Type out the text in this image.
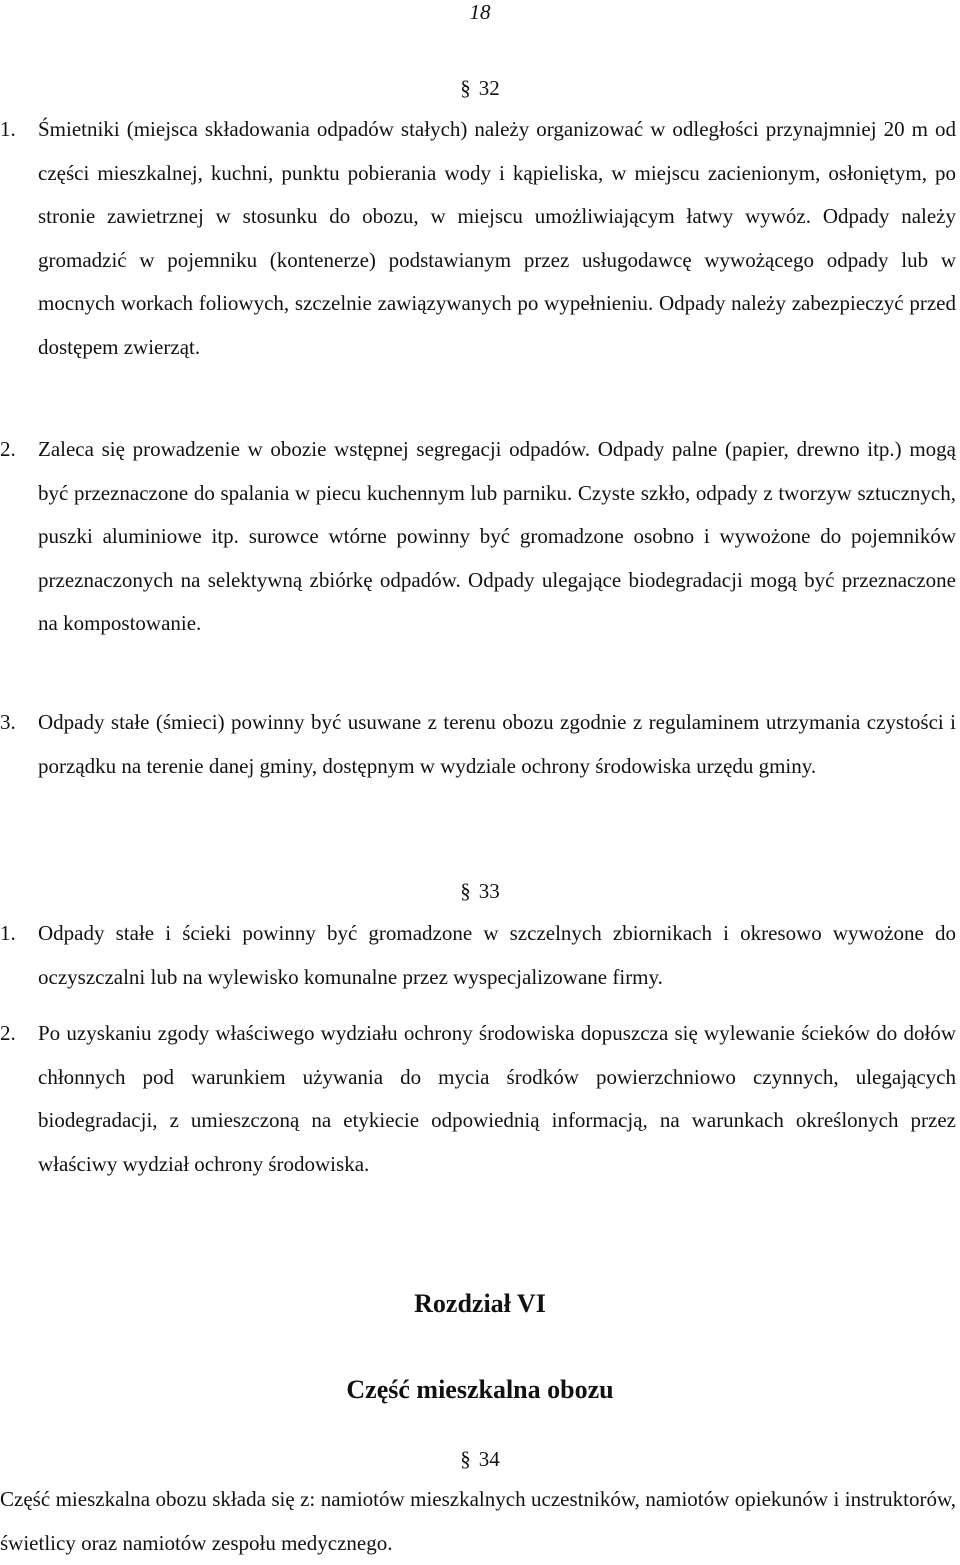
18
§ 32
1.	Śmietniki (miejsca składowania odpadów stałych) należy organizować w odległości przynajmniej 20 m od części mieszkalnej, kuchni, punktu pobierania wody i kąpieliska, w miejscu zacienionym, osłoniętym, po stronie zawietrznej w stosunku do obozu, w miejscu umożliwiającym łatwy wywóz. Odpady należy gromadzić w pojemniku (kontenerze) podstawianym przez usługodawcę wywożącego odpady lub w mocnych workach foliowych, szczelnie zawiązywanych po wypełnieniu. Odpady należy zabezpieczyć przed dostępem zwierząt.
2.	Zaleca się prowadzenie w obozie wstępnej segregacji odpadów. Odpady palne (papier, drewno itp.) mogą być przeznaczone do spalania w piecu kuchennym lub parniku. Czyste szkło, odpady z tworzyw sztucznych, puszki aluminiowe itp. surowce wtórne powinny być gromadzone osobno i wywożone do pojemników przeznaczonych na selektywną zbiórkę odpadów. Odpady ulegające biodegradacji mogą być przeznaczone na kompostowanie.
3.	Odpady stałe (śmieci) powinny być usuwane z terenu obozu zgodnie z regulaminem utrzymania czystości i porządku na terenie danej gminy, dostępnym w wydziale ochrony środowiska urzędu gminy.
§ 33
1.	Odpady stałe i ścieki powinny być gromadzone w szczelnych zbiornikach i okresowo wywożone do oczyszczalni lub na wylewisko komunalne przez wyspecjalizowane firmy.
2.	Po uzyskaniu zgody właściwego wydziału ochrony środowiska dopuszcza się wylewanie ścieków do dołów chłonnych pod warunkiem używania do mycia środków powierzchniowo czynnych, ulegających biodegradacji, z umieszczoną na etykiecie odpowiednią informacją, na warunkach określonych przez właściwy wydział ochrony środowiska.
Rozdział VI
Część mieszkalna obozu
§ 34
Część mieszkalna obozu składa się z: namiotów mieszkalnych uczestników, namiotów opiekunów i instruktorów, świetlicy oraz namiotów zespołu medycznego.
